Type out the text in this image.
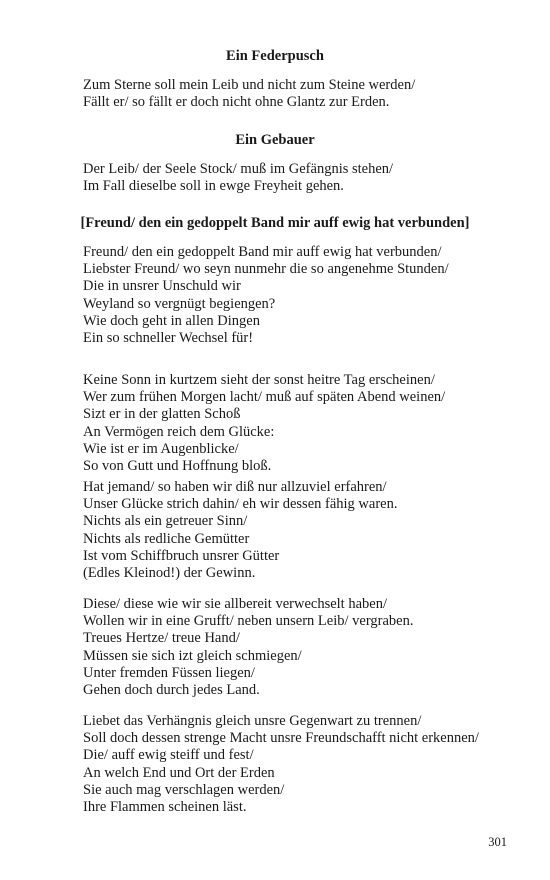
Ein Federpusch
Zum Sterne soll mein Leib und nicht zum Steine werden/
Fällt er/ so fällt er doch nicht ohne Glantz zur Erden.
Ein Gebauer
Der Leib/ der Seele Stock/ muß im Gefängnis stehen/
Im Fall dieselbe soll in ewge Freyheit gehen.
[Freund/ den ein gedoppelt Band mir auff ewig hat verbunden]
Freund/ den ein gedoppelt Band mir auff ewig hat verbunden/
Liebster Freund/ wo seyn nunmehr die so angenehme Stunden/
Die in unsrer Unschuld wir
Weyland so vergnügt begiengen?
Wie doch geht in allen Dingen
Ein so schneller Wechsel für!
Keine Sonn in kurtzem sieht der sonst heitre Tag erscheinen/
Wer zum frühen Morgen lacht/ muß auf späten Abend weinen/
Sizt er in der glatten Schoß
An Vermögen reich dem Glücke:
Wie ist er im Augenblicke/
So von Gutt und Hoffnung bloß.
Hat jemand/ so haben wir diß nur allzuviel erfahren/
Unser Glücke strich dahin/ eh wir dessen fähig waren.
Nichts als ein getreuer Sinn/
Nichts als redliche Gemütter
Ist vom Schiffbruch unsrer Gütter
(Edles Kleinod!) der Gewinn.
Diese/ diese wie wir sie allbereit verwechselt haben/
Wollen wir in eine Grufft/ neben unsern Leib/ vergraben.
Treues Hertze/ treue Hand/
Müssen sie sich izt gleich schmiegen/
Unter fremden Füssen liegen/
Gehen doch durch jedes Land.
Liebet das Verhängnis gleich unsre Gegenwart zu trennen/
Soll doch dessen strenge Macht unsre Freundschafft nicht erkennen/
Die/ auff ewig steiff und fest/
An welch End und Ort der Erden
Sie auch mag verschlagen werden/
Ihre Flammen scheinen läst.
301
